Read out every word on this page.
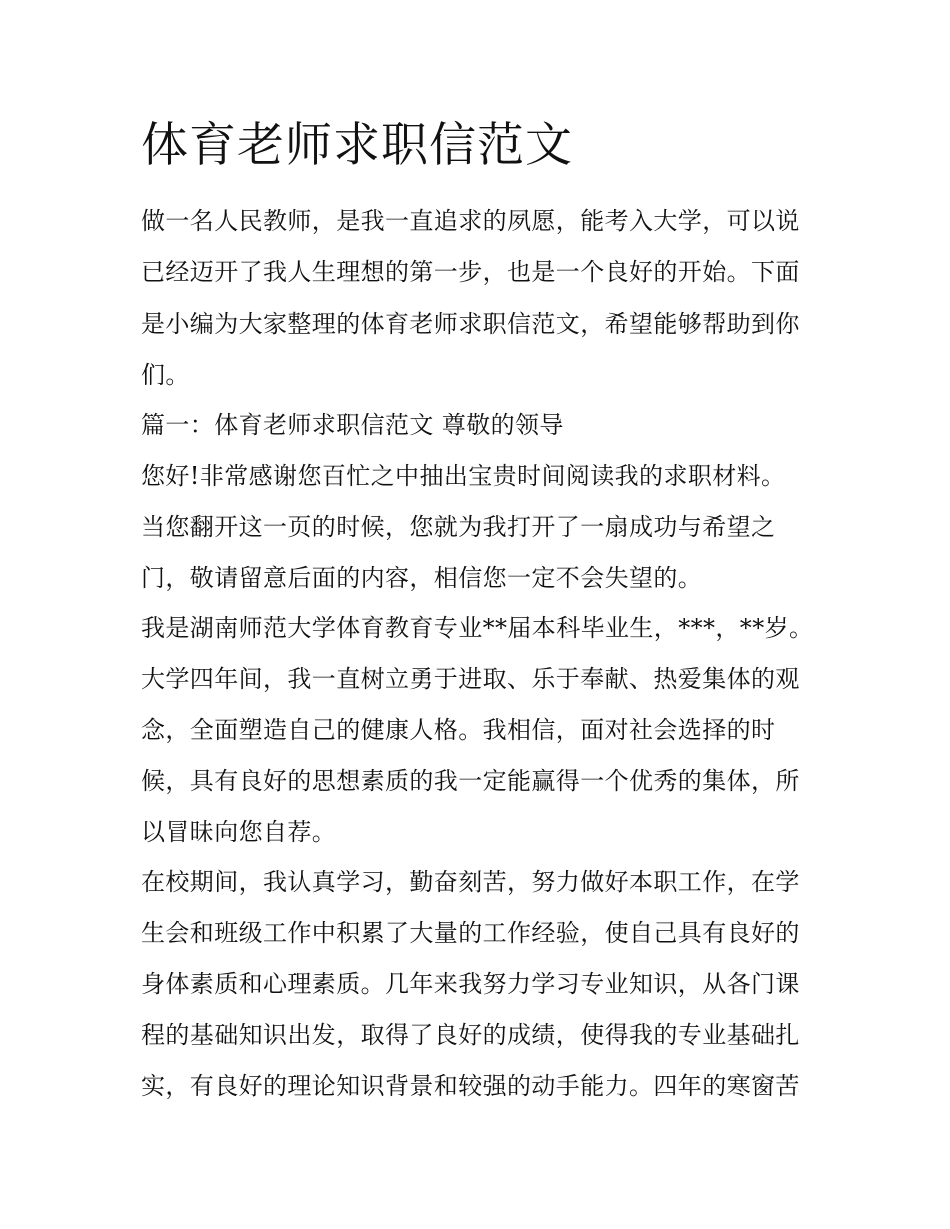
体育老师求职信范文

做一名人民教师，是我一直追求的夙愿，能考入大学，可以说

已经迈开了我人生理想的第一步，也是一个良好的开始。下面

是小编为大家整理的体育老师求职信范文，希望能够帮助到你

们。

篇一：体育老师求职信范文 尊敬的领导

您好!非常感谢您百忙之中抽出宝贵时间阅读我的求职材料。

当您翻开这一页的时候，您就为我打开了一扇成功与希望之

门，敬请留意后面的内容，相信您一定不会失望的。

我是湖南师范大学体育教育专业**届本科毕业生，***，**岁。

大学四年间，我一直树立勇于进取、乐于奉献、热爱集体的观

念，全面塑造自己的健康人格。我相信，面对社会选择的时

候，具有良好的思想素质的我一定能赢得一个优秀的集体，所

以冒昧向您自荐。

在校期间，我认真学习，勤奋刻苦，努力做好本职工作，在学

生会和班级工作中积累了大量的工作经验，使自己具有良好的

身体素质和心理素质。几年来我努力学习专业知识，从各门课

程的基础知识出发，取得了良好的成绩，使得我的专业基础扎

实，有良好的理论知识背景和较强的动手能力。四年的寒窗苦
